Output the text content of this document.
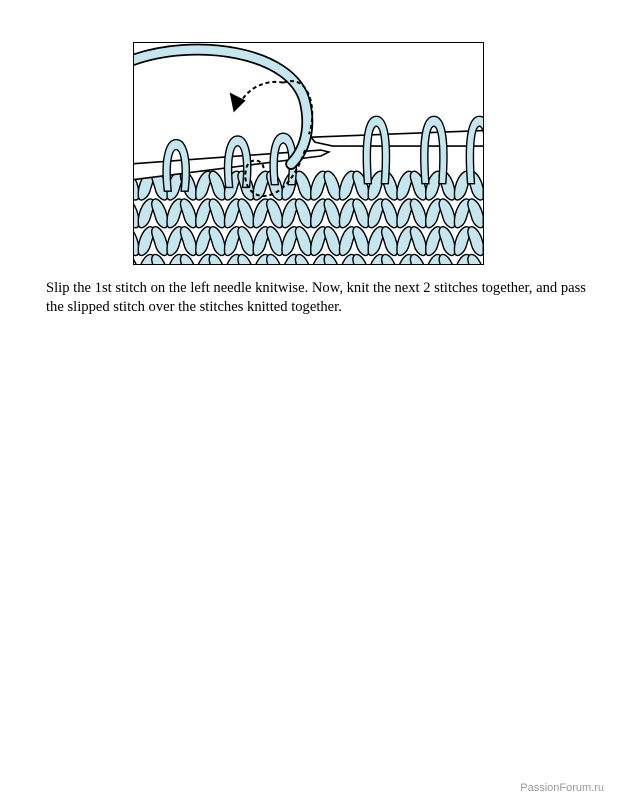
Slip the 1st stitch on the left needle knitwise. Now, knit the next 2 stitches together, and pass the slipped stitch over the stitches knitted together.

PassionForum.ru
